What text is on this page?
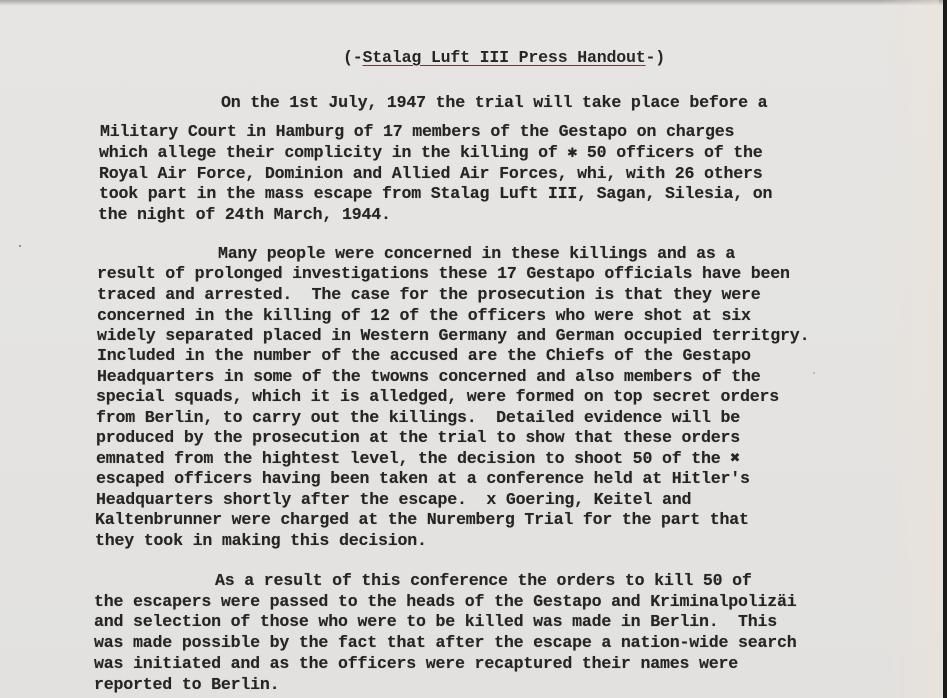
(-Stalag Luft III Press Handout-)
On the 1st July, 1947 the trial will take place before a
Military Court in Hamburg of 17 members of the Gestapo on charges
which allege their complicity in the killing of ✱ 50 officers of the
Royal Air Force, Dominion and Allied Air Forces, whi, with 26 others
took part in the mass escape from Stalag Luft III, Sagan, Silesia, on
the night of 24th March, 1944.
Many people were concerned in these killings and as a
result of prolonged investigations these 17 Gestapo officials have been
traced and arrested.  The case for the prosecution is that they were
concerned in the killing of 12 of the officers who were shot at six
widely separated placed in Western Germany and German occupied territgry.
Included in the number of the accused are the Chiefs of the Gestapo
Headquarters in some of the twowns concerned and also members of the
special squads, which it is alledged, were formed on top secret orders
from Berlin, to carry out the killings.  Detailed evidence will be
produced by the prosecution at the trial to show that these orders
emnated from the hightest level, the decision to shoot 50 of the ✖
escaped officers having been taken at a conference held at Hitler's
Headquarters shortly after the escape.  x Goering, Keitel and
Kaltenbrunner were charged at the Nuremberg Trial for the part that
they took in making this decision.
As a result of this conference the orders to kill 50 of
the escapers were passed to the heads of the Gestapo and Kriminalpolizäi
and selection of those who were to be killed was made in Berlin.  This
was made possible by the fact that after the escape a nation-wide search
was initiated and as the officers were recaptured their names were
reported to Berlin.
